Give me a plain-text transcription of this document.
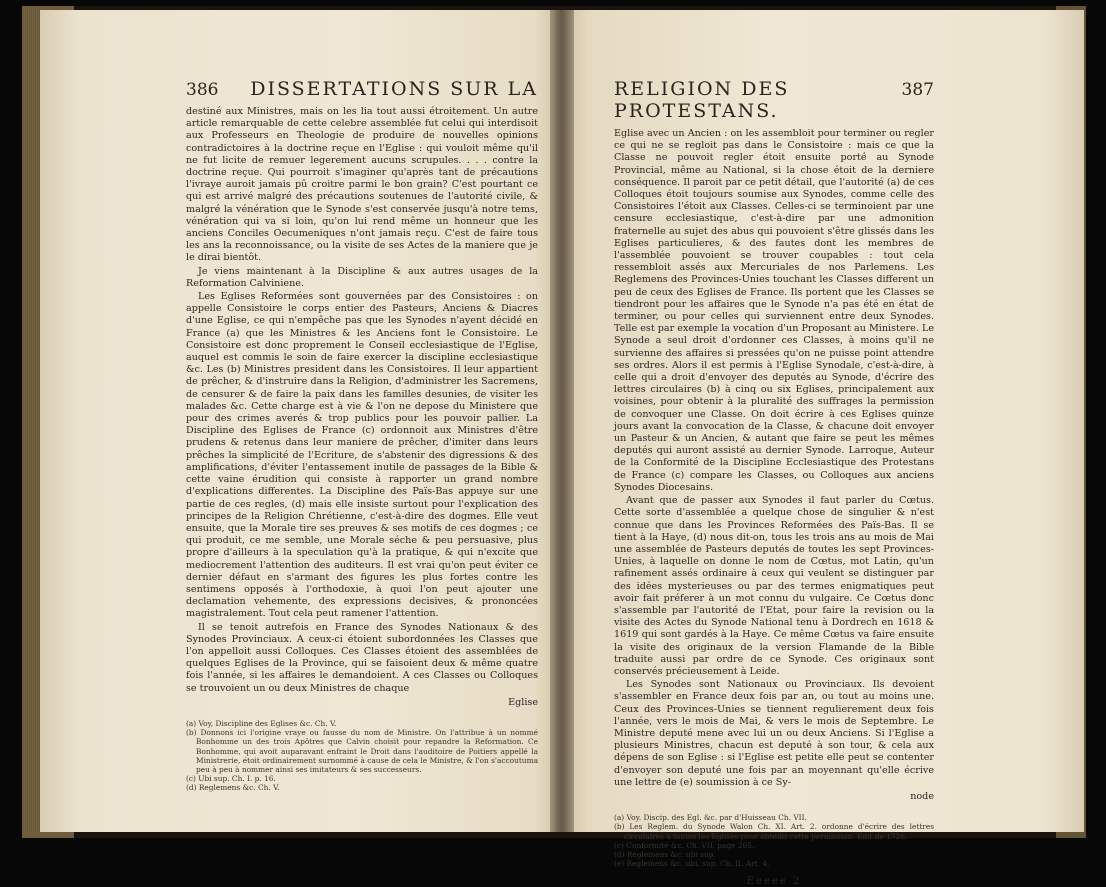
386 DISSERTATIONS SUR LA

destiné aux Ministres, mais on les lia tout aussi étroitement. Un autre article remarquable de cette celebre assemblée fut celui qui interdisoit aux Professeurs en Theologie de produire de nouvelles opinions contradictoires à la doctrine reçue en l'Eglise : qui vouloit même qu'il ne fut licite de remuer legerement aucuns scrupules. . . . contre la doctrine reçue. Qui pourroit s'imaginer qu'après tant de précautions l'ivraye auroit jamais pû croitre parmi le bon grain? C'est pourtant ce qui est arrivé malgré des précautions soutenues de l'autorité civile, & malgré la vénération que le Synode s'est conservée jusqu'à notre tems, vénération qui va si loin, qu'on lui rend même un honneur que les anciens Conciles Oecumeniques n'ont jamais reçu. C'est de faire tous les ans la reconnoissance, ou la visite de ses Actes de la maniere que je le dirai bientôt.

Je viens maintenant à la Discipline & aux autres usages de la Reformation Calviniene.

Les Eglises Reformées sont gouvernées par des Consistoires : on appelle Consistoire le corps entier des Pasteurs, Anciens & Diacres d'une Eglise, ce qui n'empêche pas que les Synodes n'ayent décidé en France (a) que les Ministres & les Anciens font le Consistoire. Le Consistoire est donc proprement le Conseil ecclesiastique de l'Eglise, auquel est commis le soin de faire exercer la discipline ecclesiastique &c. Les (b) Ministres president dans les Consistoires. Il leur appartient de prêcher, & d'instruire dans la Religion, d'administrer les Sacremens, de censurer & de faire la paix dans les familles desunies, de visiter les malades &c. Cette charge est à vie & l'on ne depose du Ministere que pour des crimes averés & trop publics pour les pouvoir pallier. La Discipline des Eglises de France (c) ordonnoit aux Ministres d'être prudens & retenus dans leur maniere de prêcher, d'imiter dans leurs prêches la simplicité de l'Ecriture, de s'abstenir des digressions & des amplifications, d'éviter l'entassement inutile de passages de la Bible & cette vaine érudition qui consiste à rapporter un grand nombre d'explications differentes. La Discipline des Païs-Bas appuye sur une partie de ces regles, (d) mais elle insiste surtout pour l'explication des principes de la Religion Chrétienne, c'est-à-dire des dogmes. Elle veut ensuite, que la Morale tire ses preuves & ses motifs de ces dogmes ; ce qui produit, ce me semble, une Morale séche & peu persuasive, plus propre d'ailleurs à la speculation qu'à la pratique, & qui n'excite que mediocrement l'attention des auditeurs. Il est vrai qu'on peut éviter ce dernier défaut en s'armant des figures les plus fortes contre les sentimens opposés à l'orthodoxie, à quoi l'on peut ajouter une declamation vehemente, des expressions decisives, & prononcées magistralement. Tout cela peut ramener l'attention.

Il se tenoit autrefois en France des Synodes Nationaux & des Synodes Provinciaux. A ceux-ci étoient subordonnées les Classes que l'on appelloit aussi Colloques. Ces Classes étoient des assemblées de quelques Eglises de la Province, qui se faisoient deux & même quatre fois l'année, si les affaires le demandoient. A ces Classes ou Colloques se trouvoient un ou deux Ministres de chaque

Eglise
(a) Voy, Discipline des Eglises &c. Ch. V.
(b) Donnons ici l'origine vraye ou fausse du nom de Ministre. On l'attribue à un nommé Bonhomme un des trois Apôtres que Calvin choisit pour repandre la Reformation. Ce Bonhomme, qui avoit auparavant enfraint le Droit dans l'auditoire de Poitiers appellé la Ministrerie, étoit ordinairement surnommé à cause de cela le Ministre, & l'on s'accoutuma peu à peu à nommer ainsi ses imitateurs & ses successeurs.
(c) Ubi sup. Ch. I. p. 16.
(d) Reglemens &c. Ch. V.
RELIGION DES PROTESTANS.
387

Eglise avec un Ancien : on les assembloit pour terminer ou regler ce qui ne se regloit pas dans le Consistoire : mais ce que la Classe ne pouvoit regler étoit ensuite porté au Synode Provincial, même au National, si la chose étoit de la derniere conséquence. Il paroit par ce petit détail, que l'autorité (a) de ces Colloques étoit toujours soumise aux Synodes, comme celle des Consistoires l'étoit aux Classes. Celles-ci se terminoient par une censure ecclesiastique, c'est-à-dire par une admonition fraternelle au sujet des abus qui pouvoient s'être glissés dans les Eglises particulieres, & des fautes dont les membres de l'assemblée pouvoient se trouver coupables : tout cela ressembloit assés aux Mercuriales de nos Parlemens. Les Reglemens des Provinces-Unies touchant les Classes different un peu de ceux des Eglises de France. Ils portent que les Classes se tiendront pour les affaires que le Synode n'a pas été en état de terminer, ou pour celles qui surviennent entre deux Synodes. Telle est par exemple la vocation d'un Proposant au Ministere. Le Synode a seul droit d'ordonner ces Classes, à moins qu'il ne survienne des affaires si pressées qu'on ne puisse point attendre ses ordres. Alors il est permis à l'Eglise Synodale, c'est-à-dire, à celle qui a droit d'envoyer des deputés au Synode, d'écrire des lettres circulaires (b) à cinq ou six Eglises, principalement aux voisines, pour obtenir à la pluralité des suffrages la permission de convoquer une Classe. On doit écrire à ces Eglises quinze jours avant la convocation de la Classe, & chacune doit envoyer un Pasteur & un Ancien, & autant que faire se peut les mêmes deputés qui auront assisté au dernier Synode. Larroque, Auteur de la Conformité de la Discipline Ecclesiastique des Protestans de France (c) compare les Classes, ou Colloques aux anciens Synodes Diocesains.

Avant que de passer aux Synodes il faut parler du Cœtus. Cette sorte d'assemblée a quelque chose de singulier & n'est connue que dans les Provinces Reformées des Païs-Bas. Il se tient à la Haye, (d) nous dit-on, tous les trois ans au mois de Mai une assemblée de Pasteurs deputés de toutes les sept Provinces-Unies, à laquelle on donne le nom de Cœtus, mot Latin, qu'un rafinement assés ordinaire à ceux qui veulent se distinguer par des idées mysterieuses ou par des termes enigmatiques peut avoir fait préferer à un mot connu du vulgaire. Ce Cœtus donc s'assemble par l'autorité de l'Etat, pour faire la revision ou la visite des Actes du Synode National tenu à Dordrech en 1618 & 1619 qui sont gardés à la Haye. Ce même Cœtus va faire ensuite la visite des originaux de la version Flamande de la Bible traduite aussi par ordre de ce Synode. Ces originaux sont conservés précieusement à Leide.

Les Synodes sont Nationaux ou Provinciaux. Ils devoient s'assembler en France deux fois par an, ou tout au moins une. Ceux des Provinces-Unies se tiennent regulierement deux fois l'année, vers le mois de Mai, & vers le mois de Septembre. Le Ministre deputé mene avec lui un ou deux Anciens. Si l'Eglise a plusieurs Ministres, chacun est deputé à son tour, & cela aux dépens de son Eglise : si l'Eglise est petite elle peut se contenter d'envoyer son deputé une fois par an moyennant qu'elle écrive une lettre de (e) soumission à ce Sy-

node
(a) Voy. Discip. des Egl. &c. par d'Huisseau Ch. VII.
(b) Les Reglem. du Synode Walon Ch. XI. Art. 2. ordonne d'écrire des lettres circulaires à toutes les Eglises pour obtenir cette permission. Edit de 1726.
(c) Conformité &c. Ch. VII. page 265.
(d) Reglemens &c. ubi sup.
(e) Reglemens &c. ubi, sup. Ch. II. Art. 4.
Eeeee 2
